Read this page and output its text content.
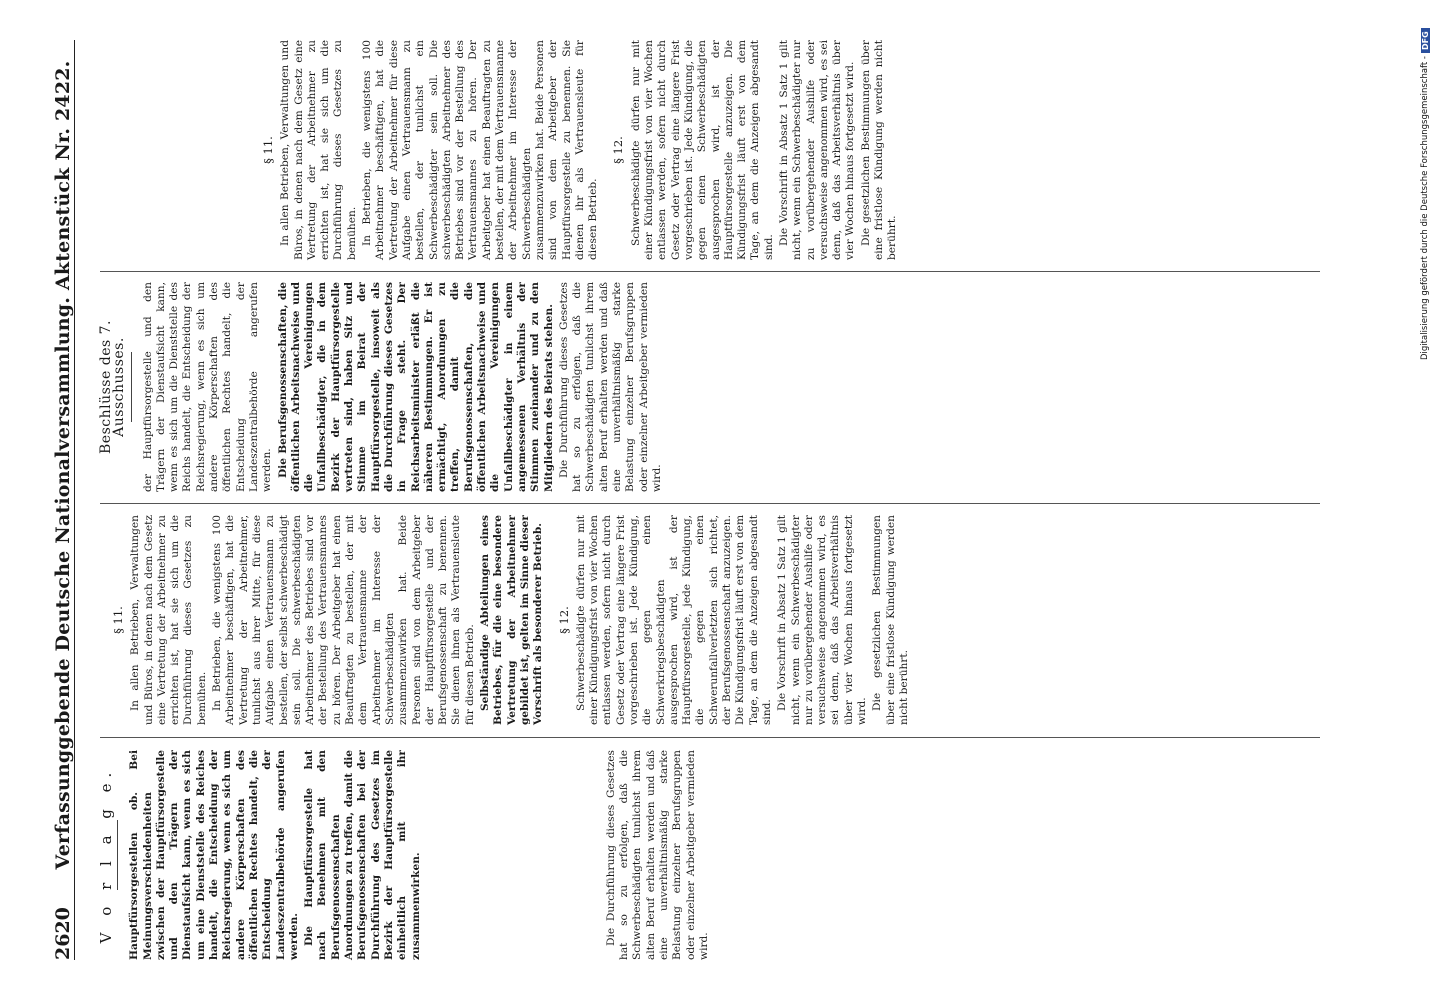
2620
Verfassunggebende Deutsche Nationalversammlung. Aktenstück Nr. 2422. V o r l a g e. Hauptfürsorgestellen ob. Bei Meinungsverschiedenheiten zwischen der Hauptfürsorgestelle und den Trägern der Dienstaufsicht kann, wenn es sich um eine Dienststelle des Reiches handelt, die Entscheidung der Reichsregierung, wenn es sich um andere Körperschaften des öffentlichen Rechtes handelt, die Entscheidung der Landeszentralbehörde angerufen werden. Die Hauptfürsorgestelle hat nach Benehmen mit den Berufsgenossenschaften Anordnungen zu treffen, damit die Berufsgenossenschaften bei der Durchführung des Gesetzes im Bezirk der Hauptfürsorgestelle einheitlich mit ihr zusammenwirken.	Die Durchführung dieses Gesetzes hat so zu erfolgen, daß die Schwerbeschädigten tunlichst ihrem alten Beruf erhalten werden und daß eine unverhältnismäßig starke Belastung einzelner Berufsgruppen oder einzelner Arbeitgeber vermieden wird.

§ 11. In allen Betrieben, Verwaltungen und Büros, in denen nach dem Gesetz eine Vertretung der Arbeitnehmer zu errichten ist, hat sie sich um die Durchführung dieses Gesetzes zu bemühen. In Betrieben, die wenigstens 100 Arbeitnehmer beschäftigen, hat die Vertretung der Arbeitnehmer, tunlichst aus ihrer Mitte, für diese Aufgabe einen Vertrauensmann zu bestellen, der selbst schwerbeschädigt sein soll. Die schwerbeschädigten Arbeitnehmer des Betriebes sind vor der Bestellung des Vertrauensmannes zu hören. Der Arbeitgeber hat einen Beauftragten zu bestellen, der mit dem Vertrauensmanne der Arbeitnehmer im Interesse der Schwerbeschädigten zusammenzuwirken hat. Beide Personen sind von dem Arbeitgeber der Hauptfürsorgestelle und der Berufsgenossenschaft zu benennen. Sie dienen ihnen als Vertrauensleute für diesen Betrieb. Selbständige Abteilungen eines Betriebes, für die eine besondere Vertretung der Arbeitnehmer gebildet ist, gelten im Sinne dieser Vorschrift als besonderer Betrieb. § 12. Schwerbeschädigte dürfen nur mit einer Kündigungsfrist von vier Wochen entlassen werden, sofern nicht durch Gesetz oder Vertrag eine längere Frist vorgeschrieben ist. Jede Kündigung, die gegen einen Schwerkriegsbeschädigten ausgesprochen wird, ist der Hauptfürsorgestelle, jede Kündigung, die gegen einen Schwerunfallverletzten sich richtet, der Berufsgenossenschaft anzuzeigen. Die Kündigungsfrist läuft erst von dem Tage, an dem die Anzeigen abgesandt sind.

Die Vorschrift in Absatz 1 Satz 1 gilt nicht, wenn ein Schwerbeschädigter nur zu vorübergehender Aushilfe oder versuchsweise angenommen wird, es sei denn, daß das Arbeitsverhältnis über vier Wochen hinaus fortgesetzt wird.

Die gesetzlichen Bestimmungen über eine fristlose Kündigung werden nicht berührt.

Beschlüsse des 7. Ausschusses. der Hauptfürsorgestelle und den Trägern der Dienstaufsicht kann, wenn es sich um die Dienststelle des Reichs handelt, die Entscheidung der Reichsregierung, wenn es sich um andere Körperschaften des öffentlichen Rechtes handelt, die Entscheidung der Landeszentralbehörde angerufen werden. Die Berufsgenossenschaften, die öffentlichen Arbeitsnachweise und die Vereinigungen Unfallbeschädigter, die in dem Bezirk der Hauptfürsorgestelle vertreten sind, haben Sitz und Stimme im Beirat der Hauptfürsorgestelle, insoweit als die Durchführung dieses Gesetzes in Frage steht. Der Reichsarbeitsminister erläßt die näheren Bestimmungen. Er ist ermächtigt, Anordnungen zu treffen, damit die Berufsgenossenschaften, die öffentlichen Arbeitsnachweise und die Vereinigungen Unfallbeschädigter in einem angemessenen Verhältnis der Stimmen zueinander und zu den Mitgliedern des Beirats stehen. Die Durchführung dieses Gesetzes hat so zu erfolgen, daß die Schwerbeschädigten tunlichst ihrem alten Beruf erhalten werden und daß eine unverhältnismäßig starke Belastung einzelner Berufsgruppen oder einzelner Arbeitgeber vermieden wird.

§ 11. In allen Betrieben, Verwaltungen und Büros, in denen nach dem Gesetz eine Vertretung der Arbeitnehmer zu errichten ist, hat sie sich um die Durchführung dieses Gesetzes zu bemühen. In Betrieben, die wenigstens 100 Arbeitnehmer beschäftigen, hat die Vertretung der Arbeitnehmer für diese Aufgabe einen Vertrauensmann zu bestellen, der tunlichst ein Schwerbeschädigter sein soll. Die schwerbeschädigten Arbeitnehmer des Betriebes sind vor der Bestellung des Vertrauensmannes zu hören. Der Arbeitgeber hat einen Beauftragten zu bestellen, der mit dem Vertrauensmanne der Arbeitnehmer im Interesse der Schwerbeschädigten zusammenzuwirken hat. Beide Personen sind von dem Arbeitgeber der Hauptfürsorgestelle zu benennen. Sie dienen ihr als Vertrauensleute für diesen Betrieb.

§ 12. Schwerbeschädigte dürfen nur mit einer Kündigungsfrist von vier Wochen entlassen werden, sofern nicht durch Gesetz oder Vertrag eine längere Frist vorgeschrieben ist. Jede Kündigung, die gegen einen Schwerbeschädigten ausgesprochen wird, ist der Hauptfürsorgestelle anzuzeigen. Die Kündigungsfrist läuft erst von dem Tage, an dem die Anzeigen abgesandt sind.

Die Vorschrift in Absatz 1 Satz 1 gilt nicht, wenn ein Schwerbeschädigter nur zu vorübergehender Aushilfe oder versuchsweise angenommen wird, es sei denn, daß das Arbeitsverhältnis über vier Wochen hinaus fortgesetzt wird. Die gesetzlichen Bestimmungen über eine fristlose Kündigung werden nicht berührt.	Digitalisierung gefördert durch die Deutsche Forschungsgemeinschaft -
DFG
